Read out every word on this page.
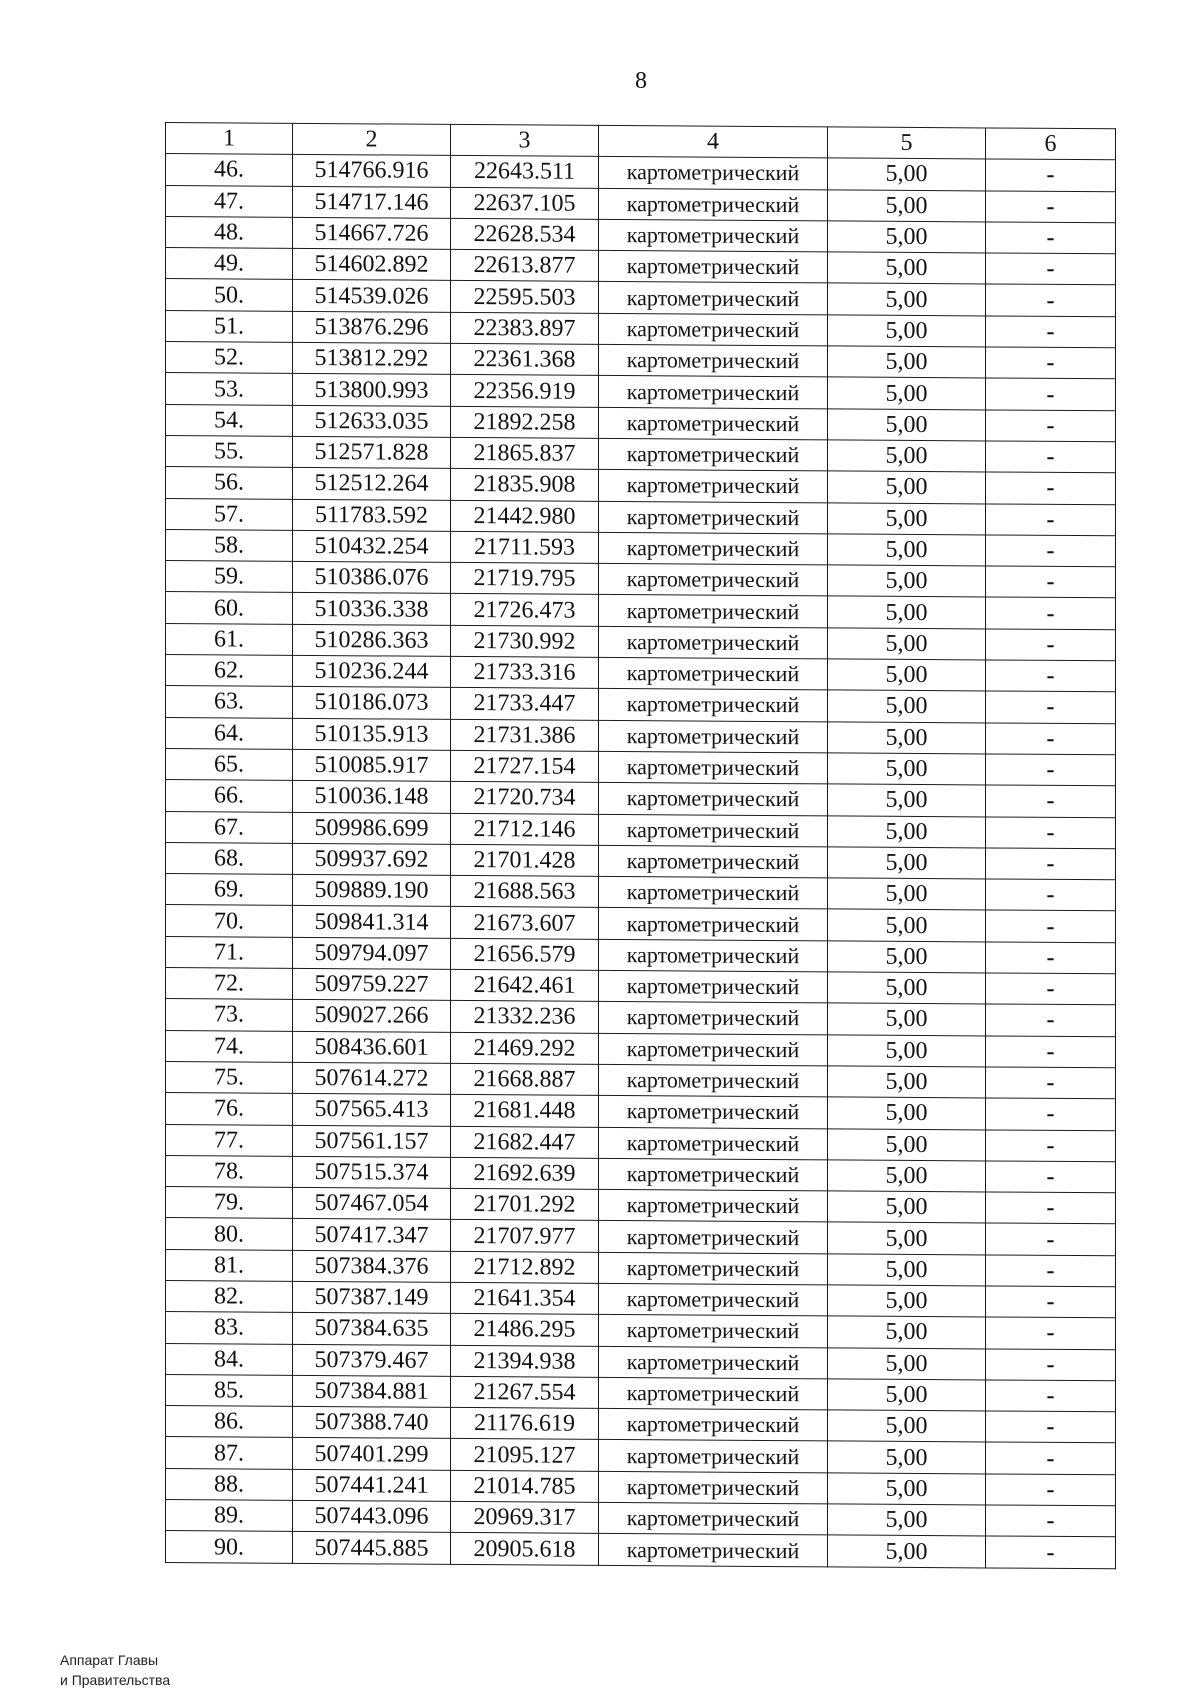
8
1	2	3	4	5	6
46.	514766.916	22643.511	картометрический	5,00	-
47.	514717.146	22637.105	картометрический	5,00	-
48.	514667.726	22628.534	картометрический	5,00	-
49.	514602.892	22613.877	картометрический	5,00	-
50.	514539.026	22595.503	картометрический	5,00	-
51.	513876.296	22383.897	картометрический	5,00	-
52.	513812.292	22361.368	картометрический	5,00	-
53.	513800.993	22356.919	картометрический	5,00	-
54.	512633.035	21892.258	картометрический	5,00	-
55.	512571.828	21865.837	картометрический	5,00	-
56.	512512.264	21835.908	картометрический	5,00	-
57.	511783.592	21442.980	картометрический	5,00	-
58.	510432.254	21711.593	картометрический	5,00	-
59.	510386.076	21719.795	картометрический	5,00	-
60.	510336.338	21726.473	картометрический	5,00	-
61.	510286.363	21730.992	картометрический	5,00	-
62.	510236.244	21733.316	картометрический	5,00	-
63.	510186.073	21733.447	картометрический	5,00	-
64.	510135.913	21731.386	картометрический	5,00	-
65.	510085.917	21727.154	картометрический	5,00	-
66.	510036.148	21720.734	картометрический	5,00	-
67.	509986.699	21712.146	картометрический	5,00	-
68.	509937.692	21701.428	картометрический	5,00	-
69.	509889.190	21688.563	картометрический	5,00	-
70.	509841.314	21673.607	картометрический	5,00	-
71.	509794.097	21656.579	картометрический	5,00	-
72.	509759.227	21642.461	картометрический	5,00	-
73.	509027.266	21332.236	картометрический	5,00	-
74.	508436.601	21469.292	картометрический	5,00	-
75.	507614.272	21668.887	картометрический	5,00	-
76.	507565.413	21681.448	картометрический	5,00	-
77.	507561.157	21682.447	картометрический	5,00	-
78.	507515.374	21692.639	картометрический	5,00	-
79.	507467.054	21701.292	картометрический	5,00	-
80.	507417.347	21707.977	картометрический	5,00	-
81.	507384.376	21712.892	картометрический	5,00	-
82.	507387.149	21641.354	картометрический	5,00	-
83.	507384.635	21486.295	картометрический	5,00	-
84.	507379.467	21394.938	картометрический	5,00	-
85.	507384.881	21267.554	картометрический	5,00	-
86.	507388.740	21176.619	картометрический	5,00	-
87.	507401.299	21095.127	картометрический	5,00	-
88.	507441.241	21014.785	картометрический	5,00	-
89.	507443.096	20969.317	картометрический	5,00	-
90.	507445.885	20905.618	картометрический	5,00	-
Аппарат Главы
и Правительства
